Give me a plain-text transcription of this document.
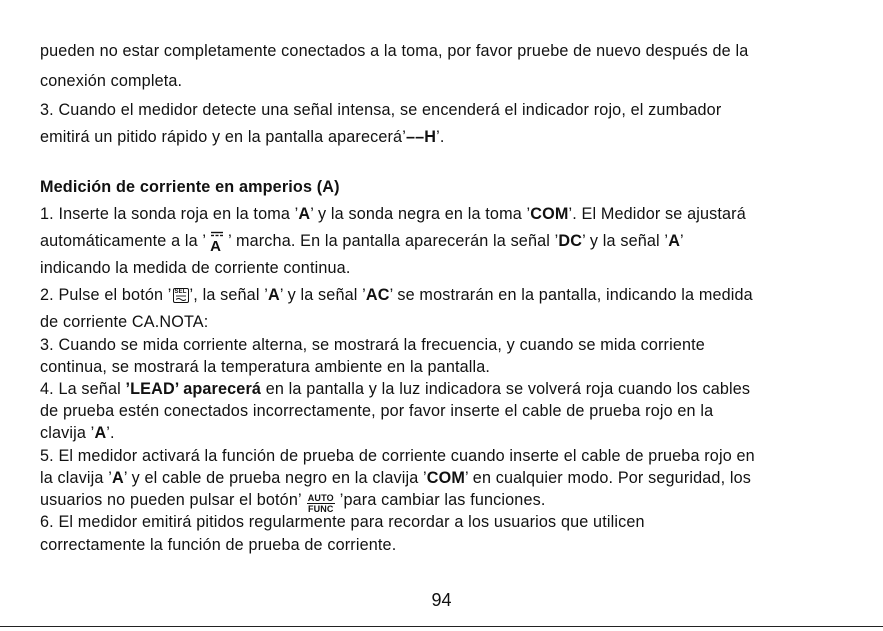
pueden no estar completamente conectados a la toma, por favor pruebe de nuevo después de la
conexión completa.
3. Cuando el medidor detecte una señal intensa, se encenderá el indicador rojo, el zumbador
emitirá un pitido rápido y en la pantalla aparecerá’––H’.
Medición de corriente en amperios (A)
1. Inserte la sonda roja en la toma ’A’ y la sonda negra en la toma ’COM’. El Medidor se ajustará
automáticamente a la ’ A ’ marcha. En la pantalla aparecerán la señal ’DC’ y la señal ’A’
indicando la medida de corriente continua.
2. Pulse el botón ’ SEL ’, la señal ’A’ y la señal ’AC’ se mostrarán en la pantalla, indicando la medida
de corriente CA.NOTA:
3. Cuando se mida corriente alterna, se mostrará la frecuencia, y cuando se mida corriente
continua, se mostrará la temperatura ambiente en la pantalla.
4. La señal ’LEAD’ aparecerá en la pantalla y la luz indicadora se volverá roja cuando los cables
de prueba estén conectados incorrectamente, por favor inserte el cable de prueba rojo en la
clavija ’A’.
5. El medidor activará la función de prueba de corriente cuando inserte el cable de prueba rojo en
la clavija ’A’ y el cable de prueba negro en la clavija ’COM’ en cualquier modo. Por seguridad, los
usuarios no pueden pulsar el botón’ AUTO
FUNC ’para cambiar las funciones.
6. El medidor emitirá pitidos regularmente para recordar a los usuarios que utilicen
correctamente la función de prueba de corriente.
94
